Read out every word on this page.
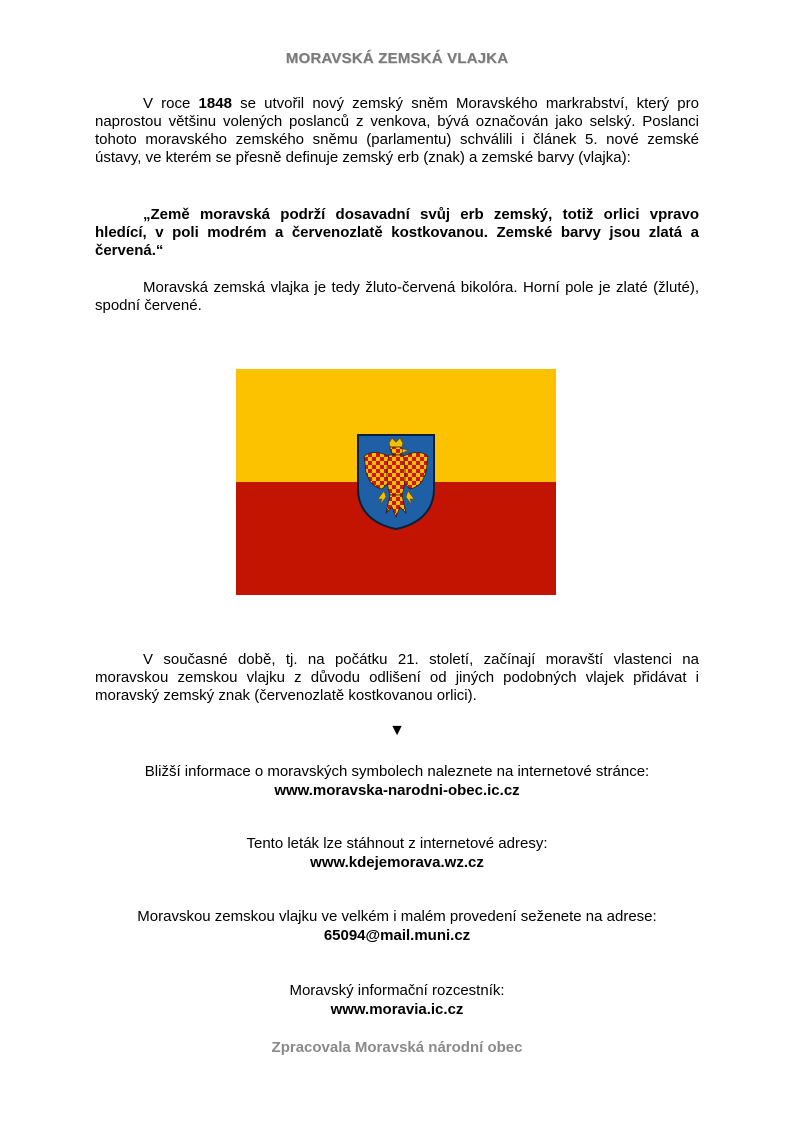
MORAVSKÁ ZEMSKÁ VLAJKA

V roce 1848 se utvořil nový zemský sněm Moravského markrabství, který pro naprostou většinu volených poslanců z venkova, bývá označován jako selský. Poslanci tohoto moravského zemského sněmu (parlamentu) schválili i článek 5. nové zemské ústavy, ve kterém se přesně definuje zemský erb (znak) a zemské barvy (vlajka):

„Země moravská podrží dosavadní svůj erb zemský, totiž orlici vpravo hledící, v poli modrém a červenozlatě kostkovanou. Zemské barvy jsou zlatá a červená.“

Moravská zemská vlajka je tedy žluto-červená bikolóra. Horní pole je zlaté (žluté), spodní červené.

V současné době, tj. na počátku 21. století, začínají moravští vlastenci na moravskou zemskou vlajku z důvodu odlišení od jiných podobných vlajek přidávat i moravský zemský znak (červenozlatě kostkovanou orlici).

▼
Bližší informace o moravských symbolech naleznete na internetové stránce:
www.moravska-narodni-obec.ic.cz
Tento leták lze stáhnout z internetové adresy:
www.kdejemorava.wz.cz
Moravskou zemskou vlajku ve velkém i malém provedení seženete na adrese:
65094@mail.muni.cz
Moravský informační rozcestník:
www.moravia.ic.cz
Zpracovala Moravská národní obec
